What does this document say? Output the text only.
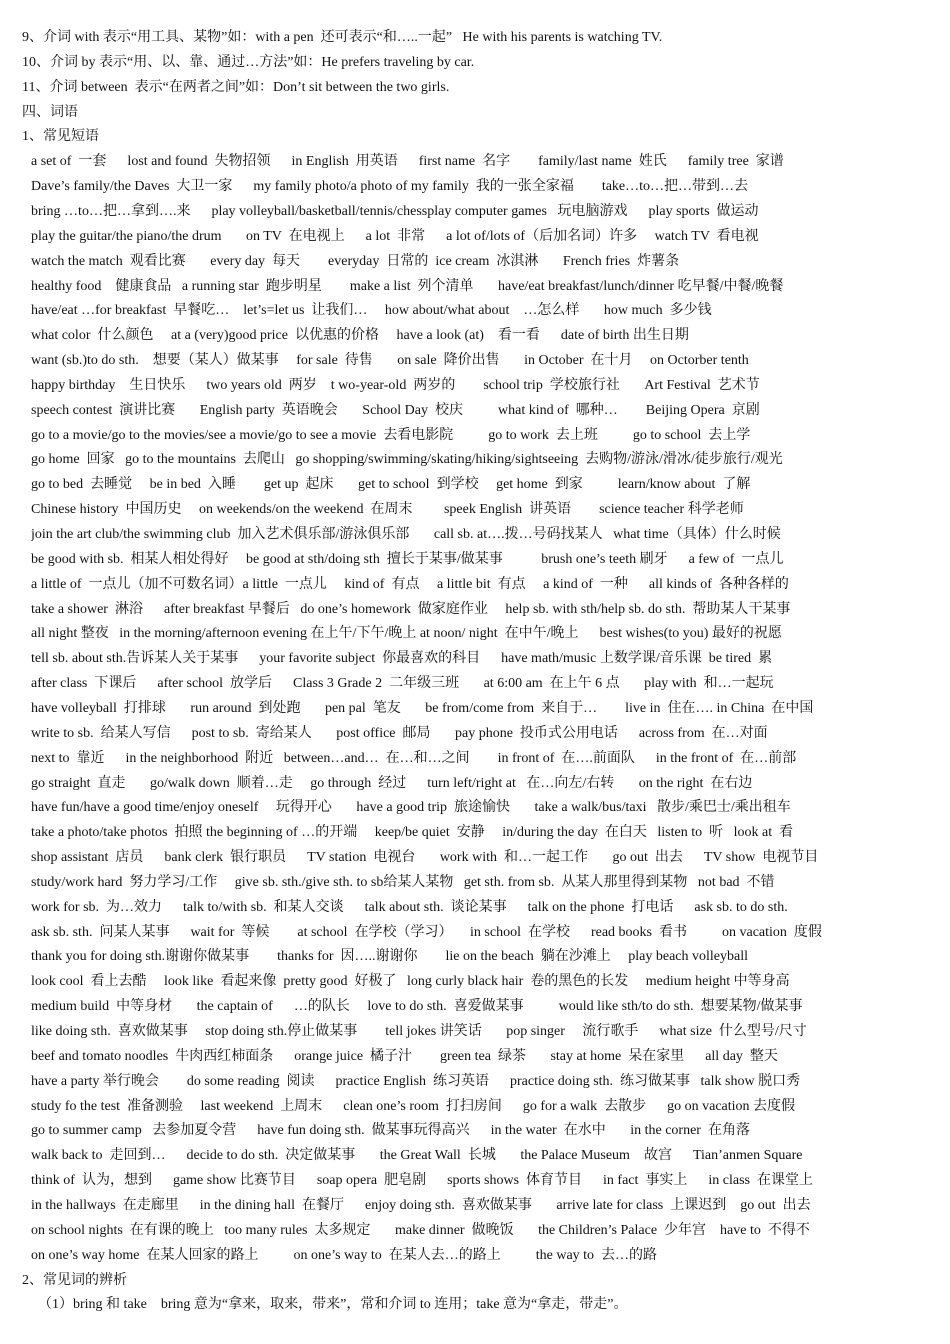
9、介词 with 表示“用工具、某物”如：with a pen  还可表示“和…..一起”   He with his parents is watching TV.
10、介词 by 表示“用、以、靠、通过…方法”如：He prefers traveling by car.
11、介词 between  表示“在两者之间”如：Don’t sit between the two girls.
四、词语
1、常见短语
a set of  一套      lost and found  失物招领      in English  用英语      first name  名字        family/last name  姓氏      family tree  家谱
Dave’s family/the Daves  大卫一家      my family photo/a photo of my family  我的一张全家福        take…to…把…带到…去
bring …to…把…拿到….来      play volleyball/basketball/tennis/chessplay computer games   玩电脑游戏      play sports  做运动
play the guitar/the piano/the drum       on TV  在电视上      a lot  非常      a lot of/lots of（后加名词）许多     watch TV  看电视
watch the match  观看比赛       every day  每天        everyday  日常的  ice cream  冰淇淋       French fries  炸薯条
healthy food    健康食品   a running star  跑步明星        make a list  列个清单       have/eat breakfast/lunch/dinner 吃早餐/中餐/晚餐
have/eat …for breakfast  早餐吃…    let’s=let us  让我们…     how about/what about    …怎么样       how much  多少钱
what color  什么颜色     at a (very)good price  以优惠的价格     have a look (at)    看一看      date of birth 出生日期
want (sb.)to do sth.    想要（某人）做某事     for sale  待售       on sale  降价出售       in October  在十月     on Octorber tenth
happy birthday    生日快乐      two years old  两岁    t wo-year-old  两岁的        school trip  学校旅行社       Art Festival  艺术节
speech contest  演讲比赛       English party  英语晚会       School Day  校庆          what kind of  哪种…        Beijing Opera  京剧
go to a movie/go to the movies/see a movie/go to see a movie  去看电影院          go to work  去上班          go to school  去上学
go home  回家   go to the mountains  去爬山   go shopping/swimming/skating/hiking/sightseeing  去购物/游泳/滑冰/徒步旅行/观光
go to bed  去睡觉     be in bed  入睡        get up  起床       get to school  到学校     get home  到家          learn/know about  了解
Chinese history  中国历史     on weekends/on the weekend  在周末         speek English  讲英语        science teacher 科学老师
join the art club/the swimming club  加入艺术俱乐部/游泳俱乐部       call sb. at….拨…号码找某人   what time（具体）什么时候
be good with sb.  相某人相处得好     be good at sth/doing sth  擅长于某事/做某事           brush one’s teeth 刷牙      a few of  一点儿
a little of  一点儿（加不可数名词）a little  一点儿     kind of  有点     a little bit  有点     a kind of  一种      all kinds of  各种各样的
take a shower  淋浴      after breakfast 早餐后   do one’s homework  做家庭作业     help sb. with sth/help sb. do sth.  帮助某人干某事
all night 整夜   in the morning/afternoon evening 在上午/下午/晚上 at noon/ night  在中午/晚上      best wishes(to you) 最好的祝愿
tell sb. about sth.告诉某人关于某事      your favorite subject  你最喜欢的科目      have math/music 上数学课/音乐课  be tired  累
after class  下课后      after school  放学后      Class 3 Grade 2  二年级三班       at 6:00 am  在上午 6 点       play with  和…一起玩
have volleyball  打排球       run around  到处跑       pen pal  笔友       be from/come from  来自于…        live in  住在…. in China  在中国
write to sb.  给某人写信      post to sb.  寄给某人       post office  邮局       pay phone  投币式公用电话      across from  在…对面
next to  靠近      in the neighborhood  附近   between…and…  在…和…之间        in front of  在….前面队      in the front of  在…前部
go straight  直走       go/walk down  顺着…走     go through  经过      turn left/right at   在…向左/右转       on the right  在右边
have fun/have a good time/enjoy oneself     玩得开心       have a good trip  旅途愉快       take a walk/bus/taxi   散步/乘巴士/乘出租车
take a photo/take photos  拍照 the beginning of …的开端     keep/be quiet  安静     in/during the day  在白天   listen to  听   look at  看
shop assistant  店员      bank clerk  银行职员      TV station  电视台       work with  和…一起工作       go out  出去      TV show  电视节目
study/work hard  努力学习/工作     give sb. sth./give sth. to sb给某人某物   get sth. from sb.  从某人那里得到某物   not bad  不错
work for sb.  为…效力      talk to/with sb.  和某人交谈      talk about sth.  谈论某事      talk on the phone  打电话      ask sb. to do sth.
ask sb. sth.  问某人某事      wait for  等候        at school  在学校（学习）     in school  在学校      read books  看书          on vacation  度假
thank you for doing sth.谢谢你做某事        thanks for  因…..谢谢你        lie on the beach  躺在沙滩上     play beach volleyball
look cool  看上去酷     look like  看起来像  pretty good  好极了   long curly black hair  卷的黑色的长发     medium height 中等身高
medium build  中等身材       the captain of      …的队长     love to do sth.  喜爱做某事          would like sth/to do sth.  想要某物/做某事
like doing sth.  喜欢做某事     stop doing sth.停止做某事        tell jokes 讲笑话       pop singer     流行歌手      what size  什么型号/尺寸
beef and tomato noodles  牛肉西红柿面条      orange juice  橘子汁        green tea  绿茶       stay at home  呆在家里      all day  整天
have a party 举行晚会        do some reading  阅读      practice English  练习英语      practice doing sth.  练习做某事   talk show 脱口秀
study fo the test  准备测验     last weekend  上周末      clean one’s room  打扫房间      go for a walk  去散步      go on vacation 去度假
go to summer camp   去参加夏令营      have fun doing sth.  做某事玩得高兴      in the water  在水中       in the corner  在角落
walk back to  走回到…      decide to do sth.  决定做某事       the Great Wall  长城       the Palace Museum    故宫      Tian’anmen Square
think of  认为，想到      game show 比赛节目      soap opera  肥皂剧      sports shows  体育节目      in fact  事实上      in class  在课堂上
in the hallways  在走廊里      in the dining hall  在餐厅      enjoy doing sth.  喜欢做某事       arrive late for class  上课迟到    go out  出去
on school nights  在有课的晚上   too many rules  太多规定       make dinner  做晚饭       the Children’s Palace  少年宫    have to  不得不
on one’s way home  在某人回家的路上          on one’s way to  在某人去…的路上          the way to  去…的路
2、常见词的辨析
（1）bring 和 take    bring 意为“拿来，取来，带来”，常和介词 to 连用；take 意为“拿走，带走”。
